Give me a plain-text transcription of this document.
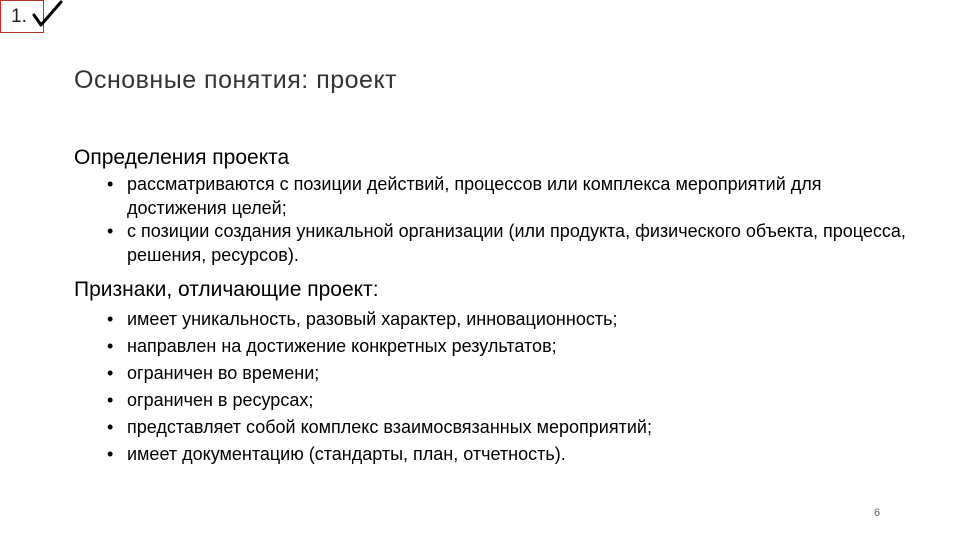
1.
Основные понятия: проект
Определения проекта
• рассматриваются с позиции действий, процессов или комплекса мероприятий для достижения целей;
• с позиции создания уникальной организации (или продукта, физического объекта, процесса, решения, ресурсов).
Признаки, отличающие проект:
• имеет уникальность, разовый характер, инновационность;
• направлен на достижение конкретных результатов;
• ограничен во времени;
• ограничен в ресурсах;
• представляет собой комплекс взаимосвязанных мероприятий;
• имеет документацию (стандарты, план, отчетность).
6
